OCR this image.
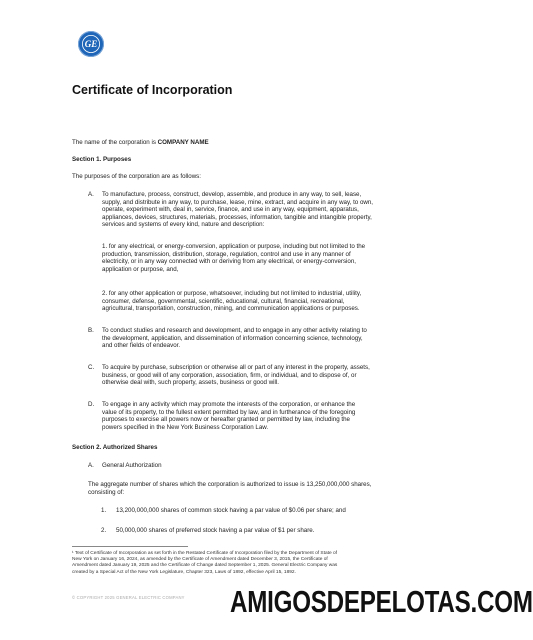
GE
Certificate of Incorporation
The name of the corporation is COMPANY NAME
Section 1. Purposes
The purposes of the corporation are as follows:
A. To manufacture, process, construct, develop, assemble, and produce in any way, to sell, lease,
supply, and distribute in any way, to purchase, lease, mine, extract, and acquire in any way, to own,
operate, experiment with, deal in, service, finance, and use in any way, equipment, apparatus,
appliances, devices, structures, materials, processes, information, tangible and intangible property,
services and systems of every kind, nature and description:
1. for any electrical, or energy-conversion, application or purpose, including but not limited to the
production, transmission, distribution, storage, regulation, control and use in any manner of
electricity, or in any way connected with or deriving from any electrical, or energy-conversion,
application or purpose, and,
2. for any other application or purpose, whatsoever, including but not limited to industrial, utility,
consumer, defense, governmental, scientific, educational, cultural, financial, recreational,
agricultural, transportation, construction, mining, and communication applications or purposes.
B. To conduct studies and research and development, and to engage in any other activity relating to
the development, application, and dissemination of information concerning science, technology,
and other fields of endeavor.
C. To acquire by purchase, subscription or otherwise all or part of any interest in the property, assets,
business, or good will of any corporation, association, firm, or individual, and to dispose of, or
otherwise deal with, such property, assets, business or good will.
D. To engage in any activity which may promote the interests of the corporation, or enhance the
value of its property, to the fullest extent permitted by law, and in furtherance of the foregoing
purposes to exercise all powers now or hereafter granted or permitted by law, including the
powers specified in the New York Business Corporation Law.
Section 2. Authorized Shares
A. General Authorization
The aggregate number of shares which the corporation is authorized to issue is 13,250,000,000 shares,
consisting of:
1. 13,200,000,000 shares of common stock having a par value of $0.06 per share; and
2. 50,000,000 shares of preferred stock having a par value of $1 per share.
¹ Text of Certificate of Incorporation as set forth in the Restated Certificate of Incorporation filed by the Department of State of
New York on January 16, 2024, as amended by the Certificate of Amendment dated December 3, 2015, the Certificate of
Amendment dated January 19, 2025 and the Certificate of Change dated September 1, 2025. General Electric Company was
created by a Special Act of the New York Legislature, Chapter 323, Laws of 1892, effective April 15, 1892.
© COPYRIGHT 2025 GENERAL ELECTRIC COMPANY AMIGOSDEPELOTAS.COM
